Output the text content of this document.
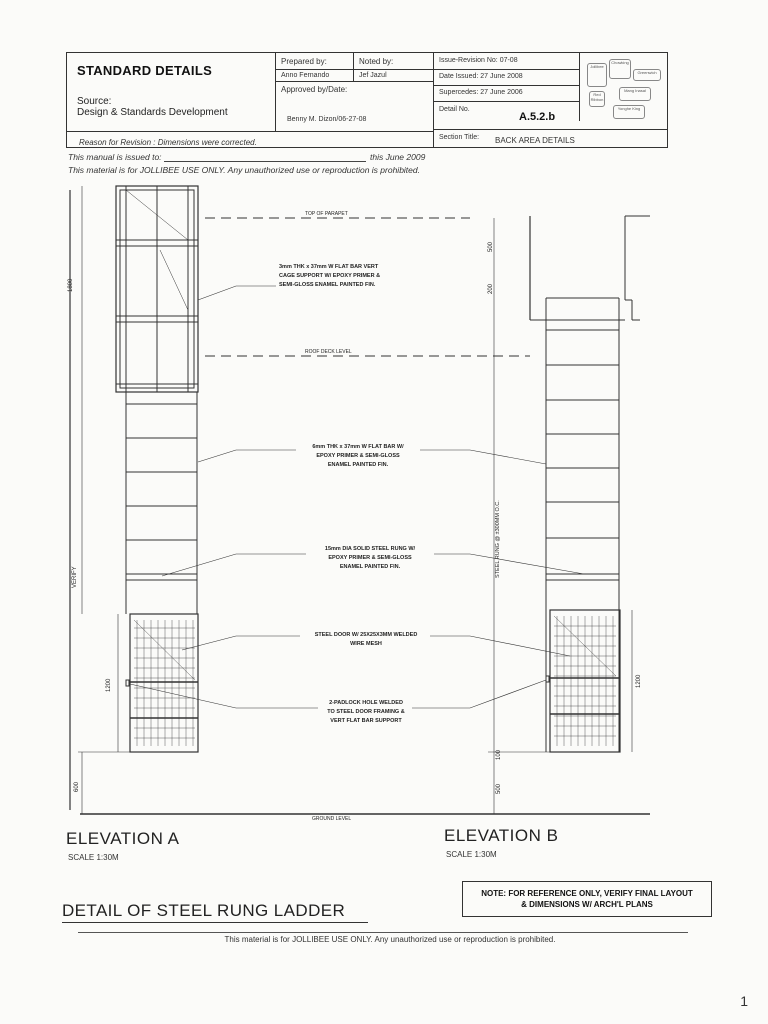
STANDARD DETAILS
Source:
Design & Standards Development
Reason for Revision : Dimensions were corrected.
Prepared by:	Noted by:
Anno Fernando	Jef Jazul
Approved by/Date:
Benny M. Dizon/06-27-08
Issue-Revision No: 07-08
Date Issued: 27 June 2008
Supercedes: 27 June 2006
Detail No.
A.5.2.b
Section Title: BACK AREA DETAILS
Jollibee
Chowking
Greenwich
Red Ribbon
Mang Inasal
Yonghe King
This manual is issued to:	this June 2009
This material is for JOLLIBEE USE ONLY. Any unauthorized use or reproduction is prohibited.
TOP OF PARAPET
ROOF DECK LEVEL
GROUND LEVEL
1800
VERIFY
1200
600
500
200
STEEL RUNG @ ±300MM O.C.
100
500
1200
3mm THK x 37mm W FLAT BAR VERT
CAGE SUPPORT W/ EPOXY PRIMER &
SEMI-GLOSS ENAMEL PAINTED FIN.
6mm THK x 37mm W FLAT BAR W/
EPOXY PRIMER & SEMI-GLOSS
ENAMEL PAINTED FIN.
15mm DIA SOLID STEEL RUNG W/
EPOXY PRIMER & SEMI-GLOSS
ENAMEL PAINTED FIN.
STEEL DOOR W/ 25X25X3MM WELDED
WIRE MESH
2-PADLOCK HOLE WELDED
TO STEEL DOOR FRAMING &
VERT FLAT BAR SUPPORT
ELEVATION A
SCALE 1:30M
ELEVATION B
SCALE 1:30M
NOTE: FOR REFERENCE ONLY, VERIFY FINAL LAYOUT
& DIMENSIONS W/ ARCH'L PLANS
DETAIL OF STEEL RUNG LADDER
This material is for JOLLIBEE USE ONLY. Any unauthorized use or reproduction is prohibited.
1
